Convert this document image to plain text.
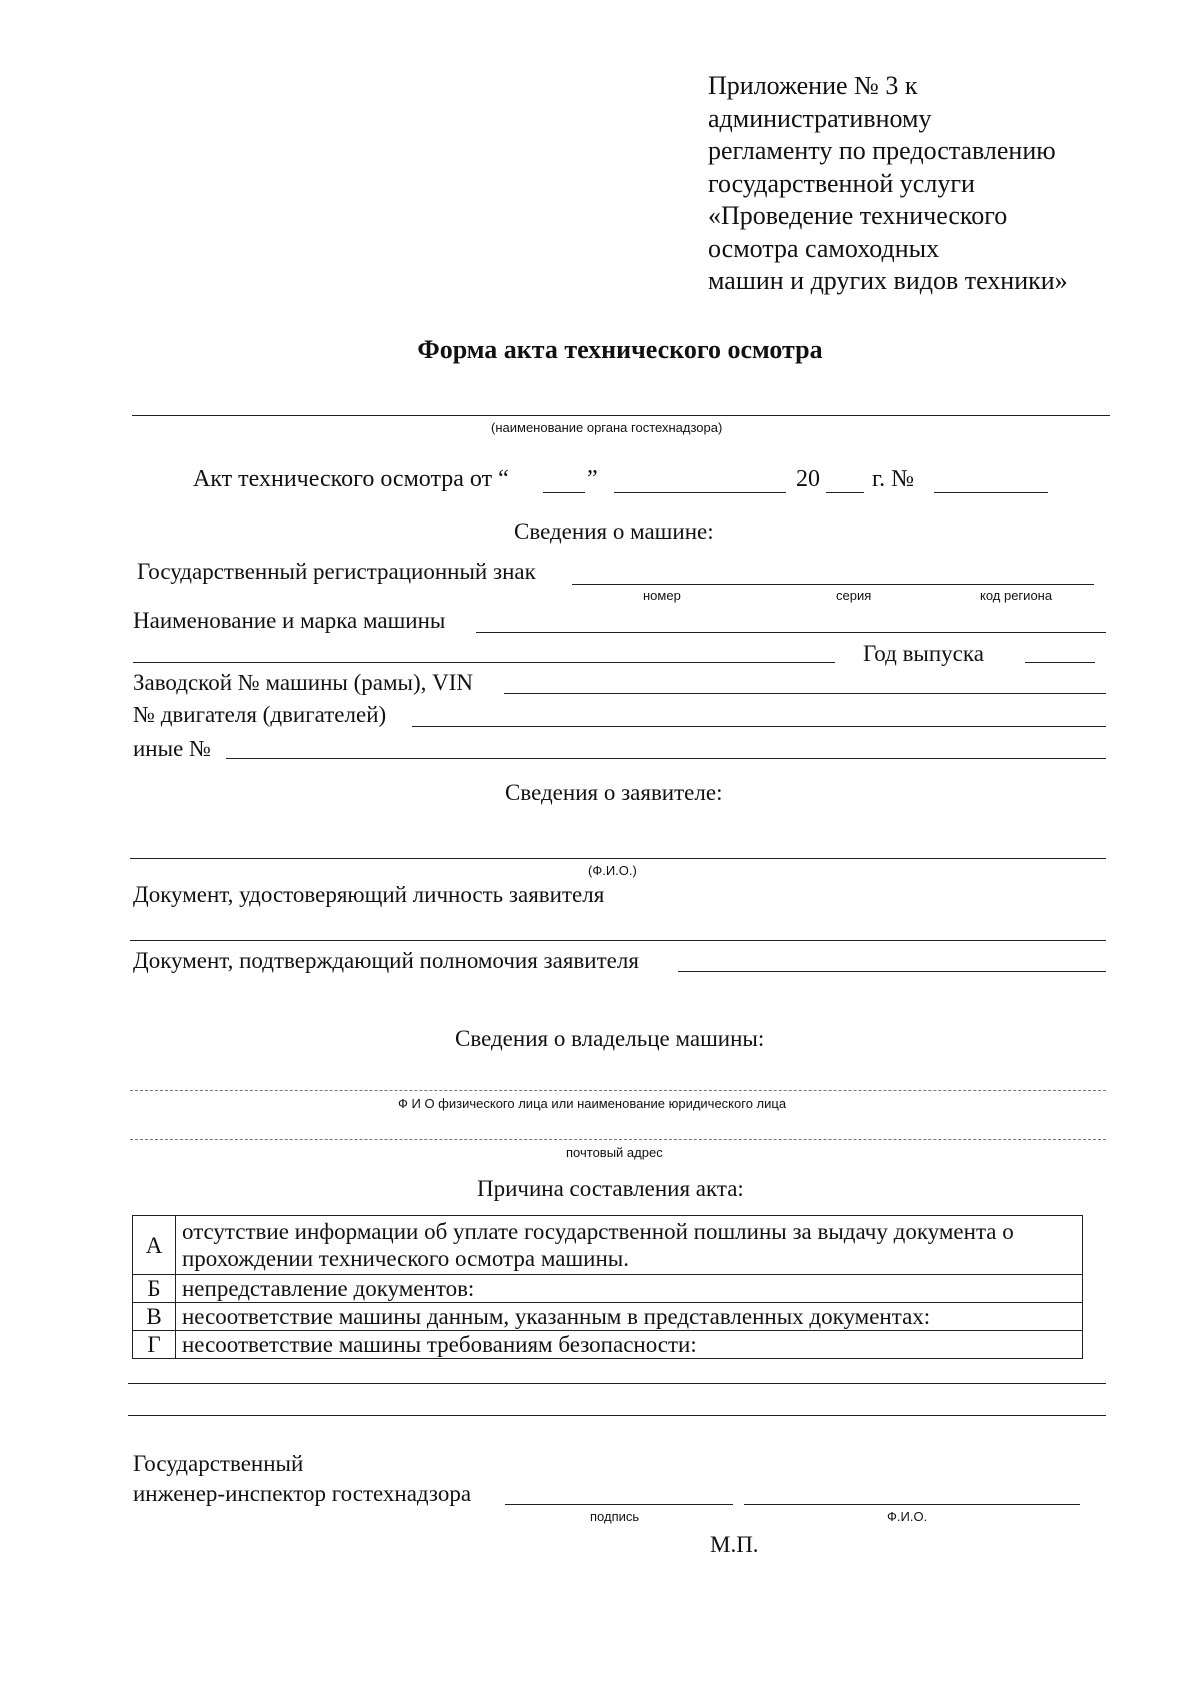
Приложение № 3 к
административному
регламенту по предоставлению
государственной услуги
«Проведение технического
осмотра самоходных
машин и других видов техники»
Форма акта технического осмотра
(наименование органа гостехнадзора)
Акт технического осмотра от “	”	20 г. №
Сведения о машине:
Государственный регистрационный знак
номер	серия	код региона
Наименование и марка машины
Год выпуска
Заводской № машины (рамы), VIN
№ двигателя (двигателей)
иные №
Сведения о заявителе:
(Ф.И.О.)
Документ, удостоверяющий личность заявителя
Документ, подтверждающий полномочия заявителя
Сведения о владельце машины:
Ф И О физического лица или наименование юридического лица
почтовый адрес
Причина составления акта:
А	отсутствие информации об уплате государственной пошлины за выдачу документа о прохождении технического осмотра машины.
Б	непредставление документов:
В	несоответствие машины данным, указанным в представленных документах:
Г	несоответствие машины требованиям безопасности:
Государственный
инженер-инспектор гостехнадзора
подпись	Ф.И.О.
М.П.
